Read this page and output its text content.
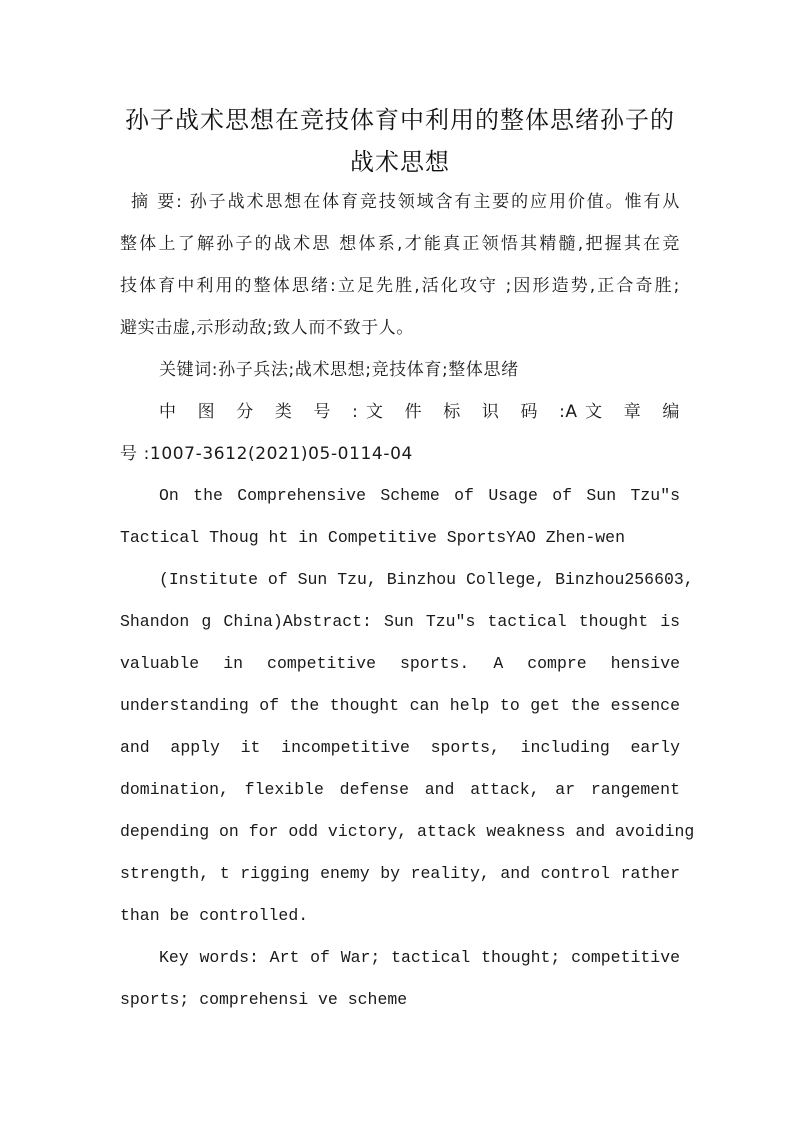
孙子战术思想在竞技体育中利用的整体思绪孙子的
战术思想
摘 要: 孙子战术思想在体育竞技领域含有主要的应用价值。惟有从
整体上了解孙子的战术思 想体系,才能真正领悟其精髓,把握其在竞
技体育中利用的整体思绪:立足先胜,活化攻守 ;因形造势,正合奇胜;
避实击虚,示形动敌;致人而不致于人。
关键词:孙子兵法;战术思想;竞技体育;整体思绪
中 图 分 类 号 :文 件 标 识 码 :A文 章 编
号 :1007-3612(2021)05-0114-04
On the Comprehensive Scheme of Usage of Sun Tzu"s
Tactical Thoug ht in Competitive SportsYAO Zhen-wen
(Institute of Sun Tzu, Binzhou College, Binzhou256603,
Shandon g China)Abstract: Sun Tzu"s tactical thought is
valuable in competitive sports. A compre hensive
understanding of the thought can help to get the essence
and apply it incompetitive sports, including early
domination, flexible defense and attack, ar rangement
depending on for odd victory, attack weakness and avoiding
strength, t rigging enemy by reality, and control rather
than be controlled.
Key words: Art of War; tactical thought; competitive
sports; comprehensi ve scheme
